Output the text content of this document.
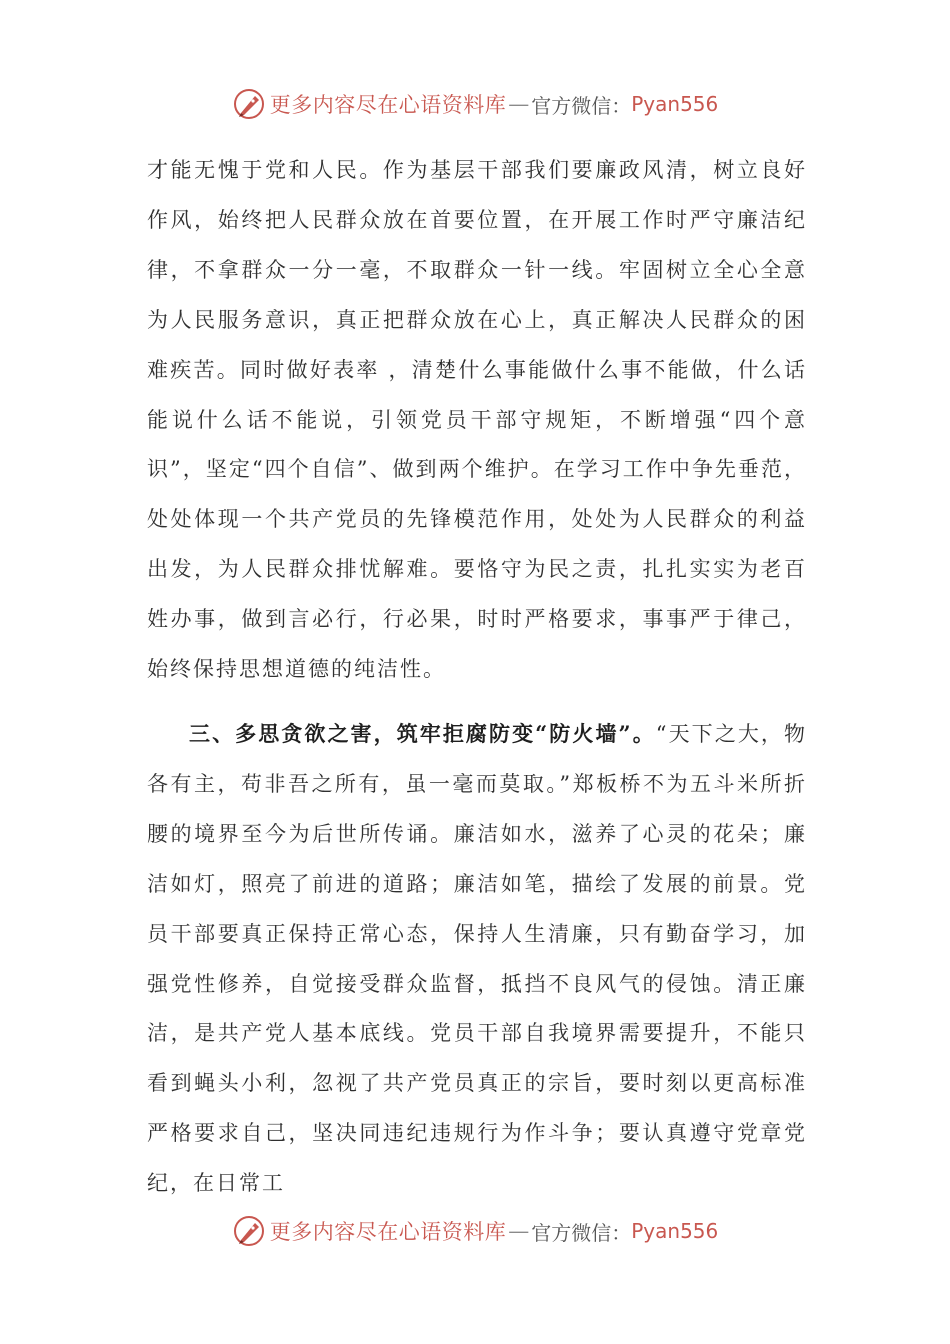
更多内容尽在心语资料库 — 官方微信： Pyan556

才能无愧于党和人民。作为基层干部我们要廉政风清，树立良好作风，始终把人民群众放在首要位置，在开展工作时严守廉洁纪律，不拿群众一分一毫，不取群众一针一线。牢固树立全心全意为人民服务意识，真正把群众放在心上，真正解决人民群众的困难疾苦。同时做好表率 ，清楚什么事能做什么事不能做，什么话能说什么话不能说，引领党员干部守规矩，不断增强“四个意识”，坚定“四个自信”、做到两个维护。在学习工作中争先垂范，处处体现一个共产党员的先锋模范作用，处处为人民群众的利益出发，为人民群众排忧解难。要恪守为民之责，扎扎实实为老百姓办事，做到言必行，行必果，时时严格要求，事事严于律己，始终保持思想道德的纯洁性。

三、多思贪欲之害，筑牢拒腐防变“防火墙”。“天下之大，物各有主，苟非吾之所有，虽一毫而莫取。”郑板桥不为五斗米所折腰的境界至今为后世所传诵。廉洁如水，滋养了心灵的花朵；廉洁如灯，照亮了前进的道路；廉洁如笔，描绘了发展的前景。党员干部要真正保持正常心态，保持人生清廉，只有勤奋学习，加强党性修养，自觉接受群众监督，抵挡不良风气的侵蚀。清正廉洁，是共产党人基本底线。党员干部自我境界需要提升，不能只看到蝇头小利，忽视了共产党员真正的宗旨，要时刻以更高标准严格要求自己，坚决同违纪违规行为作斗争；要认真遵守党章党纪，在日常工

更多内容尽在心语资料库 — 官方微信： Pyan556
